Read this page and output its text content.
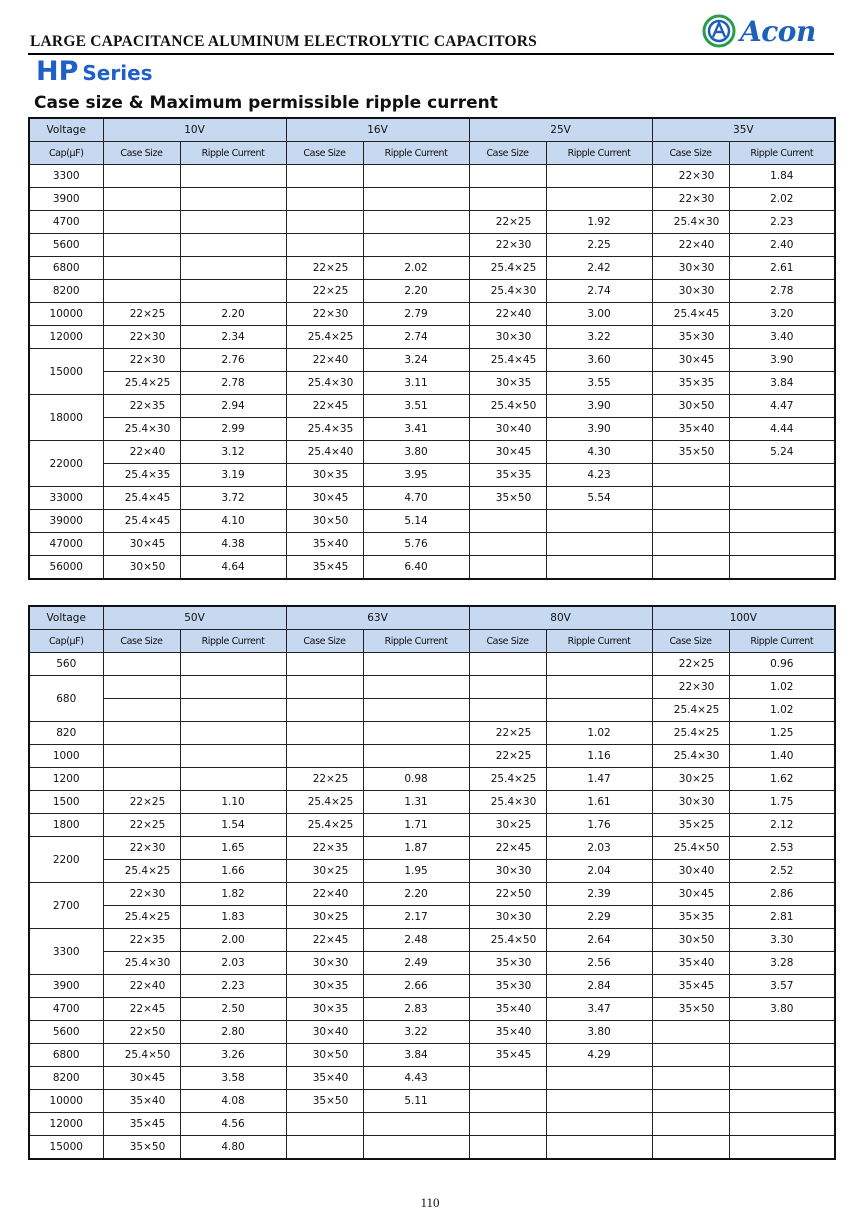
LARGE CAPACITANCE ALUMINUM ELECTROLYTIC CAPACITORS	Acon
HP Series
Case size & Maximum permissible ripple current
Voltage	10V		16V		25V		35V	
Cap(μF)	Case Size	Ripple Current	Case Size	Ripple Current	Case Size	Ripple Current	Case Size	Ripple Current
3300							22×30	1.84
3900							22×30	2.02
4700					22×25	1.92	25.4×30	2.23
5600					22×30	2.25	22×40	2.40
6800			22×25	2.02	25.4×25	2.42	30×30	2.61
8200			22×25	2.20	25.4×30	2.74	30×30	2.78
10000	22×25	2.20	22×30	2.79	22×40	3.00	25.4×45	3.20
12000	22×30	2.34	25.4×25	2.74	30×30	3.22	35×30	3.40
15000	22×30	2.76	22×40	3.24	25.4×45	3.60	30×45	3.90
	25.4×25	2.78	25.4×30	3.11	30×35	3.55	35×35	3.84
18000	22×35	2.94	22×45	3.51	25.4×50	3.90	30×50	4.47
	25.4×30	2.99	25.4×35	3.41	30×40	3.90	35×40	4.44
22000	22×40	3.12	25.4×40	3.80	30×45	4.30	35×50	5.24
	25.4×35	3.19	30×35	3.95	35×35	4.23		
33000	25.4×45	3.72	30×45	4.70	35×50	5.54		
39000	25.4×45	4.10	30×50	5.14				
47000	30×45	4.38	35×40	5.76				
56000	30×50	4.64	35×45	6.40				
Voltage	50V		63V		80V		100V	
Cap(μF)	Case Size	Ripple Current	Case Size	Ripple Current	Case Size	Ripple Current	Case Size	Ripple Current
560							22×25	0.96
680							22×30	1.02
							25.4×25	1.02
820					22×25	1.02	25.4×25	1.25
1000					22×25	1.16	25.4×30	1.40
1200			22×25	0.98	25.4×25	1.47	30×25	1.62
1500	22×25	1.10	25.4×25	1.31	25.4×30	1.61	30×30	1.75
1800	22×25	1.54	25.4×25	1.71	30×25	1.76	35×25	2.12
2200	22×30	1.65	22×35	1.87	22×45	2.03	25.4×50	2.53
	25.4×25	1.66	30×25	1.95	30×30	2.04	30×40	2.52
2700	22×30	1.82	22×40	2.20	22×50	2.39	30×45	2.86
	25.4×25	1.83	30×25	2.17	30×30	2.29	35×35	2.81
3300	22×35	2.00	22×45	2.48	25.4×50	2.64	30×50	3.30
	25.4×30	2.03	30×30	2.49	35×30	2.56	35×40	3.28
3900	22×40	2.23	30×35	2.66	35×30	2.84	35×45	3.57
4700	22×45	2.50	30×35	2.83	35×40	3.47	35×50	3.80
5600	22×50	2.80	30×40	3.22	35×40	3.80		
6800	25.4×50	3.26	30×50	3.84	35×45	4.29		
8200	30×45	3.58	35×40	4.43				
10000	35×40	4.08	35×50	5.11				
12000	35×45	4.56						
15000	35×50	4.80						
110
